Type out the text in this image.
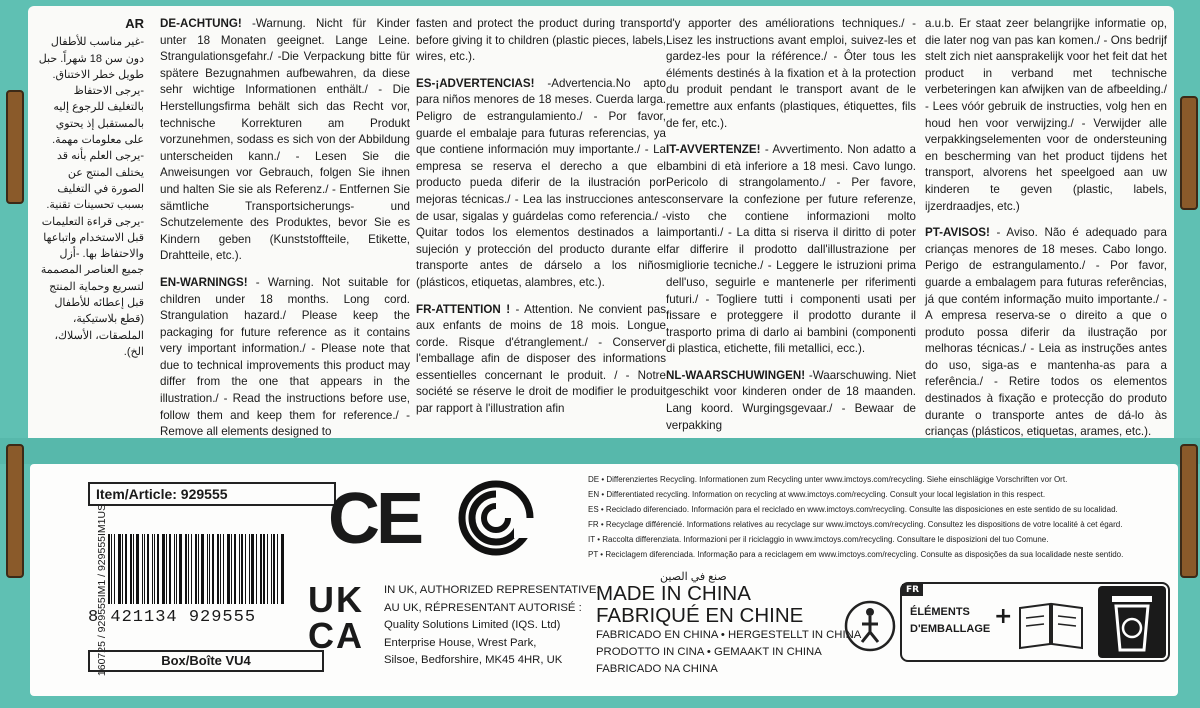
AR
-غير مناسب للأطفال دون سن 18 شهراً. حبل طويل خطر الاختناق. -يرجى الاحتفاظ بالتغليف للرجوع إليه بالمستقبل إذ يحتوي على معلومات مهمة. -يرجى العلم بأنه قد يختلف المنتج عن الصورة في التغليف بسبب تحسينات تقنية. -يرجى قراءة التعليمات قبل الاستخدام واتباعها والاحتفاظ بها. -أزل جميع العناصر المصممة لتسريع وحماية المنتج قبل إعطائه للأطفال (قطع بلاستيكية، الملصقات، الأسلاك، الخ).

DE-ACHTUNG! -Warnung. Nicht für Kinder unter 18 Monaten geeignet. Lange Leine. Strangulationsgefahr./ -Die Verpackung bitte für spätere Bezugnahmen aufbewahren, da diese sehr wichtige Informationen enthält./ - Die Herstellungsfirma behält sich das Recht vor, technische Korrekturen am Produkt vorzunehmen, sodass es sich von der Abbildung unterscheiden kann./ - Lesen Sie die Anweisungen vor Gebrauch, folgen Sie ihnen und halten Sie sie als Referenz./ - Entfernen Sie sämtliche Transportsicherungs- und Schutzelemente des Produktes, bevor Sie es Kindern geben (Kunststoffteile, Etikette, Drahtteile, etc.).

EN-WARNINGS! - Warning. Not suitable for children under 18 months. Long cord. Strangulation hazard./ Please keep the packaging for future reference as it contains very important information./ - Please note that due to technical improvements this product may differ from the one that appears in the illustration./ - Read the instructions before use, follow them and keep them for reference./ - Remove all elements designed to

fasten and protect the product during transport before giving it to children (plastic pieces, labels, wires, etc.).

ES-¡ADVERTENCIAS! -Advertencia.No apto para niños menores de 18 meses. Cuerda larga. Peligro de estrangulamiento./ - Por favor, guarde el embalaje para futuras referencias, ya que contiene información muy importante./ - La empresa se reserva el derecho a que el producto pueda diferir de la ilustración por mejoras técnicas./ - Lea las instrucciones antes de usar, sigalas y guárdelas como referencia./ - Quitar todos los elementos destinados a la sujeción y protección del producto durante el transporte antes de dárselo a los niños (plásticos, etiquetas, alambres, etc.).

FR-ATTENTION ! - Attention. Ne convient pas aux enfants de moins de 18 mois. Longue corde. Risque d'étranglement./ - Conserver l'emballage afin de disposer des informations essentielles concernant le produit. / - Notre société se réserve le droit de modifier le produit par rapport à l'illustration afin

d'y apporter des améliorations techniques./ - Lisez les instructions avant emploi, suivez-les et gardez-les pour la référence./ - Ôter tous les éléments destinés à la fixation et à la protection du produit pendant le transport avant de le remettre aux enfants (plastiques, étiquettes, fils de fer, etc.).

IT-AVVERTENZE! - Avvertimento. Non adatto a bambini di età inferiore a 18 mesi. Cavo lungo. Pericolo di strangolamento./ - Per favore, conservare la confezione per future referenze, visto che contiene informazioni molto importanti./ - La ditta si riserva il diritto di poter far differire il prodotto dall'illustrazione per migliorie tecniche./ - Leggere le istruzioni prima dell'uso, seguirle e mantenerle per riferimenti futuri./ - Togliere tutti i componenti usati per fissare e proteggere il prodotto durante il trasporto prima di darlo ai bambini (componenti di plastica, etichette, fili metallici, ecc.).

NL-WAARSCHUWINGEN! -Waarschuwing. Niet geschikt voor kinderen onder de 18 maanden. Lang koord. Wurgingsgevaar./ - Bewaar de verpakking

a.u.b. Er staat zeer belangrijke informatie op, die later nog van pas kan komen./ - Ons bedrijf stelt zich niet aansprakelijk voor het feit dat het product in verband met technische verbeteringen kan afwijken van de afbeelding./ - Lees vóór gebruik de instructies, volg hen en houd hen voor verwijzing./ - Verwijder alle verpakkingselementen voor de ondersteuning en bescherming van het product tijdens het transport, alvorens het speelgoed aan uw kinderen te geven (plastic, labels, ijzerdraadjes, etc.)

PT-AVISOS! - Aviso. Não é adequado para crianças menores de 18 meses. Cabo longo. Perigo de estrangulamento./ - Por favor, guarde a embalagem para futuras referências, já que contém informação muito importante./ - A empresa reserva-se o direito a que o produto possa diferir da ilustração por melhoras técnicas./ - Leia as instruções antes do uso, siga-as e mantenha-as para a referência./ - Retire todos os elementos destinados à fixação e protecção do produto durante o transporte antes de dá-lo às crianças (plásticos, etiquetas, arames, etc.).

160725 / 929555IM1 / 929555IM1US
Item/Article: 929555
8 421134 929555
Box/Boîte VU4
CE
UK
CA
IN UK, AUTHORIZED REPRESENTATIVE:
AU UK, RÉPRESENTANT AUTORISÉ :
Quality Solutions Limited (IQS. Ltd)
Enterprise House, Wrest Park,
Silsoe, Bedforshire, MK45 4HR, UK
DE • Differenziertes Recycling. Informationen zum Recycling unter www.imctoys.com/recycling. Siehe einschlägige Vorschriften vor Ort.
EN • Differentiated recycling. Information on recycling at www.imctoys.com/recycling. Consult your local legislation in this respect.
ES • Reciclado diferenciado. Información para el reciclado en www.imctoys.com/recycling. Consulte las disposiciones en este sentido de su localidad.
FR • Recyclage différencié. Informations relatives au recyclage sur www.imctoys.com/recycling. Consultez les dispositions de votre localité à cet égard.
IT • Raccolta differenziata. Informazioni per il riciclaggio in www.imctoys.com/recycling. Consultare le disposizioni del tuo Comune.
PT • Reciclagem diferenciada. Informação para a reciclagem em www.imctoys.com/recycling. Consulte as disposições da sua localidade neste sentido.
صنع في الصين
MADE IN CHINA
FABRIQUÉ EN CHINE
FABRICADO EN CHINA • HERGESTELLT IN CHINA
PRODOTTO IN CINA • GEMAAKT IN CHINA
FABRICADO NA CHINA
FR
ÉLÉMENTS
D'EMBALLAGE +
